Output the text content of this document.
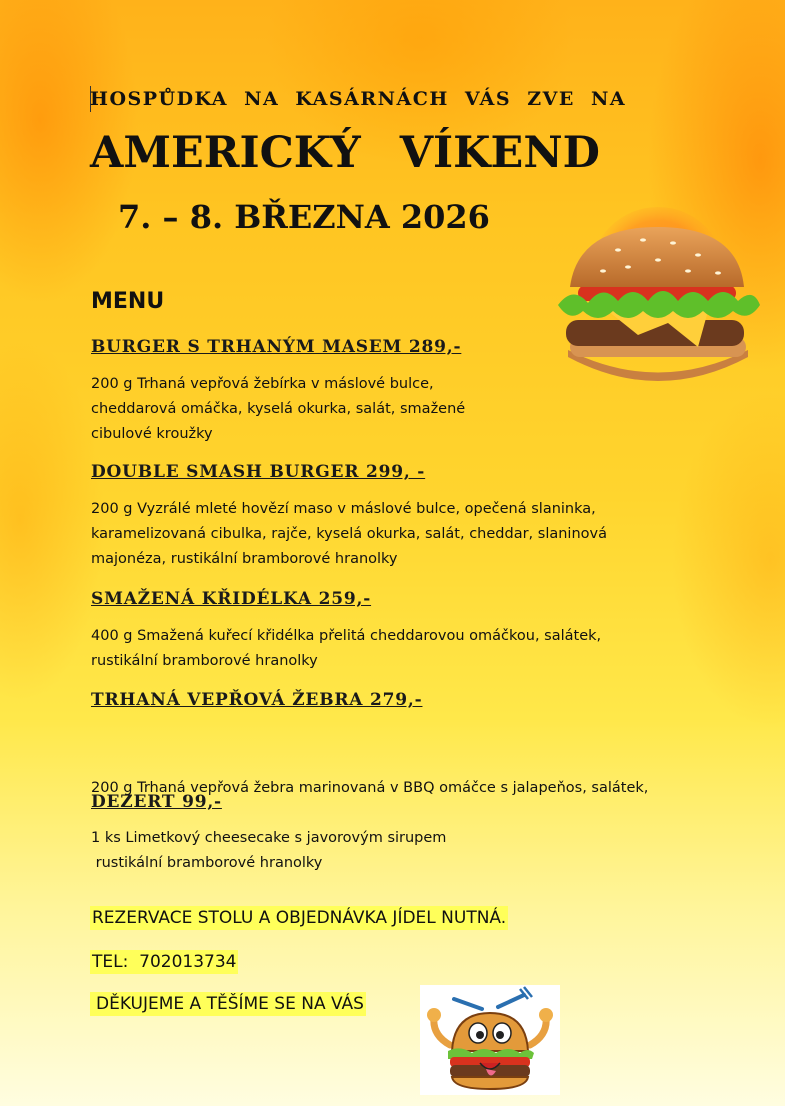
HOSPŮDKA NA KASÁRNÁCH VÁS ZVE NA
AMERICKÝ VÍKEND
7. – 8. BŘEZNA 2026
MENU
BURGER S TRHANÝM MASEM 289,-
200 g Trhaná vepřová žebírka v máslové bulce,
cheddarová omáčka, kyselá okurka, salát, smažené
cibulové kroužky
DOUBLE SMASH BURGER 299, -
200 g Vyzrálé mleté hovězí maso v máslové bulce, opečená slaninka,
karamelizovaná cibulka, rajče, kyselá okurka, salát, cheddar, slaninová
majonéza, rustikální bramborové hranolky
SMAŽENÁ KŘIDÉLKA 259,-
400 g Smažená kuřecí křidélka přelitá cheddarovou omáčkou, salátek,
rustikální bramborové hranolky
TRHANÁ VEPŘOVÁ ŽEBRA 279,-

200 g Trhaná vepřová žebra marinovaná v BBQ omáčce s jalapeňos, salátek,

rustikální bramborové hranolky

DEZERT 99,-
1 ks Limetkový cheesecake s javorovým sirupem
REZERVACE STOLU A OBJEDNÁVKA JÍDEL NUTNÁ.
TEL:  702013734
DĚKUJEME A TĚŠÍME SE NA VÁS
